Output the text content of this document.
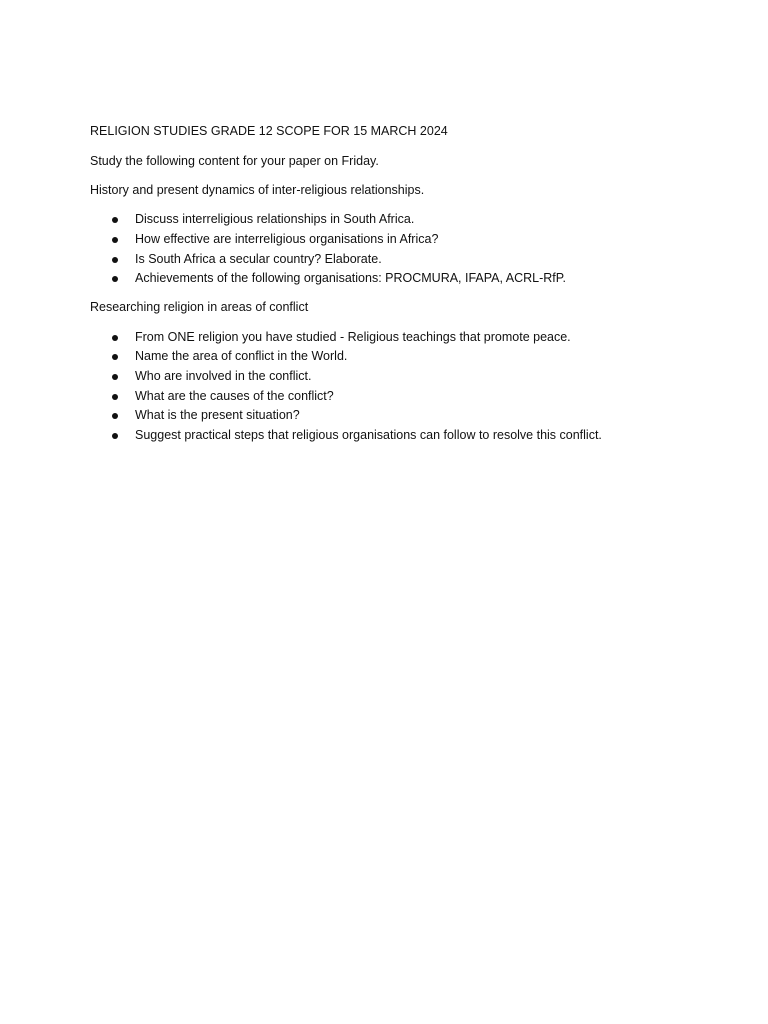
RELIGION STUDIES GRADE 12 SCOPE FOR 15 MARCH 2024

Study the following content for your paper on Friday.

History and present dynamics of inter-religious relationships.

Discuss interreligious relationships in South Africa.
How effective are interreligious organisations in Africa?
Is South Africa a secular country? Elaborate.
Achievements of the following organisations: PROCMURA, IFAPA, ACRL-RfP.

Researching religion in areas of conflict

From ONE religion you have studied - Religious teachings that promote peace.
Name the area of conflict in the World.
Who are involved in the conflict.
What are the causes of the conflict?
What is the present situation?
Suggest practical steps that religious organisations can follow to resolve this conflict.
